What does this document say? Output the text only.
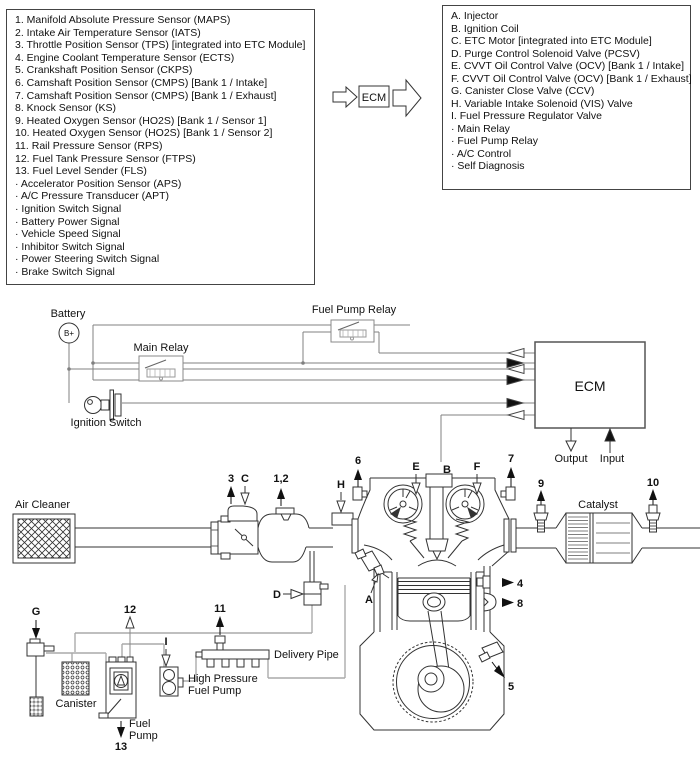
1. Manifold Absolute Pressure Sensor (MAPS)
2. Intake Air Temperature Sensor (IATS)
3. Throttle Position Sensor (TPS) [integrated into ETC Module]
4. Engine Coolant Temperature Sensor (ECTS)
5. Crankshaft Position Sensor (CKPS)
6. Camshaft Position Sensor (CMPS) [Bank 1 / Intake]
7. Camshaft Position Sensor (CMPS) [Bank 1 / Exhaust]
8. Knock Sensor (KS)
9. Heated Oxygen Sensor (HO2S) [Bank 1 / Sensor 1]
10. Heated Oxygen Sensor (HO2S) [Bank 1 / Sensor 2]
11. Rail Pressure Sensor (RPS)
12. Fuel Tank Pressure Sensor (FTPS)
13. Fuel Level Sender (FLS)
· Accelerator Position Sensor (APS)
· A/C Pressure Transducer (APT)
· Ignition Switch Signal
· Battery Power Signal
· Vehicle Speed Signal
· Inhibitor Switch Signal
· Power Steering Switch Signal
· Brake Switch Signal
A. Injector
B. Ignition Coil
C. ETC Motor [integrated into ETC Module]
D. Purge Control Solenoid Valve (PCSV)
E. CVVT Oil Control Valve (OCV) [Bank 1 / Intake]
F. CVVT Oil Control Valve (OCV) [Bank 1 / Exhaust]
G. Canister Close Valve (CCV)
H. Variable Intake Solenoid (VIS) Valve
I. Fuel Pressure Regulator Valve
· Main Relay
· Fuel Pump Relay
· A/C Control
· Self Diagnosis
ECM
Battery
B+
Main Relay
Fuel Pump Relay
Ignition Switch
ECM
Output Input
Air Cleaner
3 C 1,2	H
B
E	F
6	7
Catalyst
9	10
A
4
8
5
D
G
Canister
12
Fuel
Pump
13
I
High Pressure
Fuel Pump
11
Delivery Pipe
